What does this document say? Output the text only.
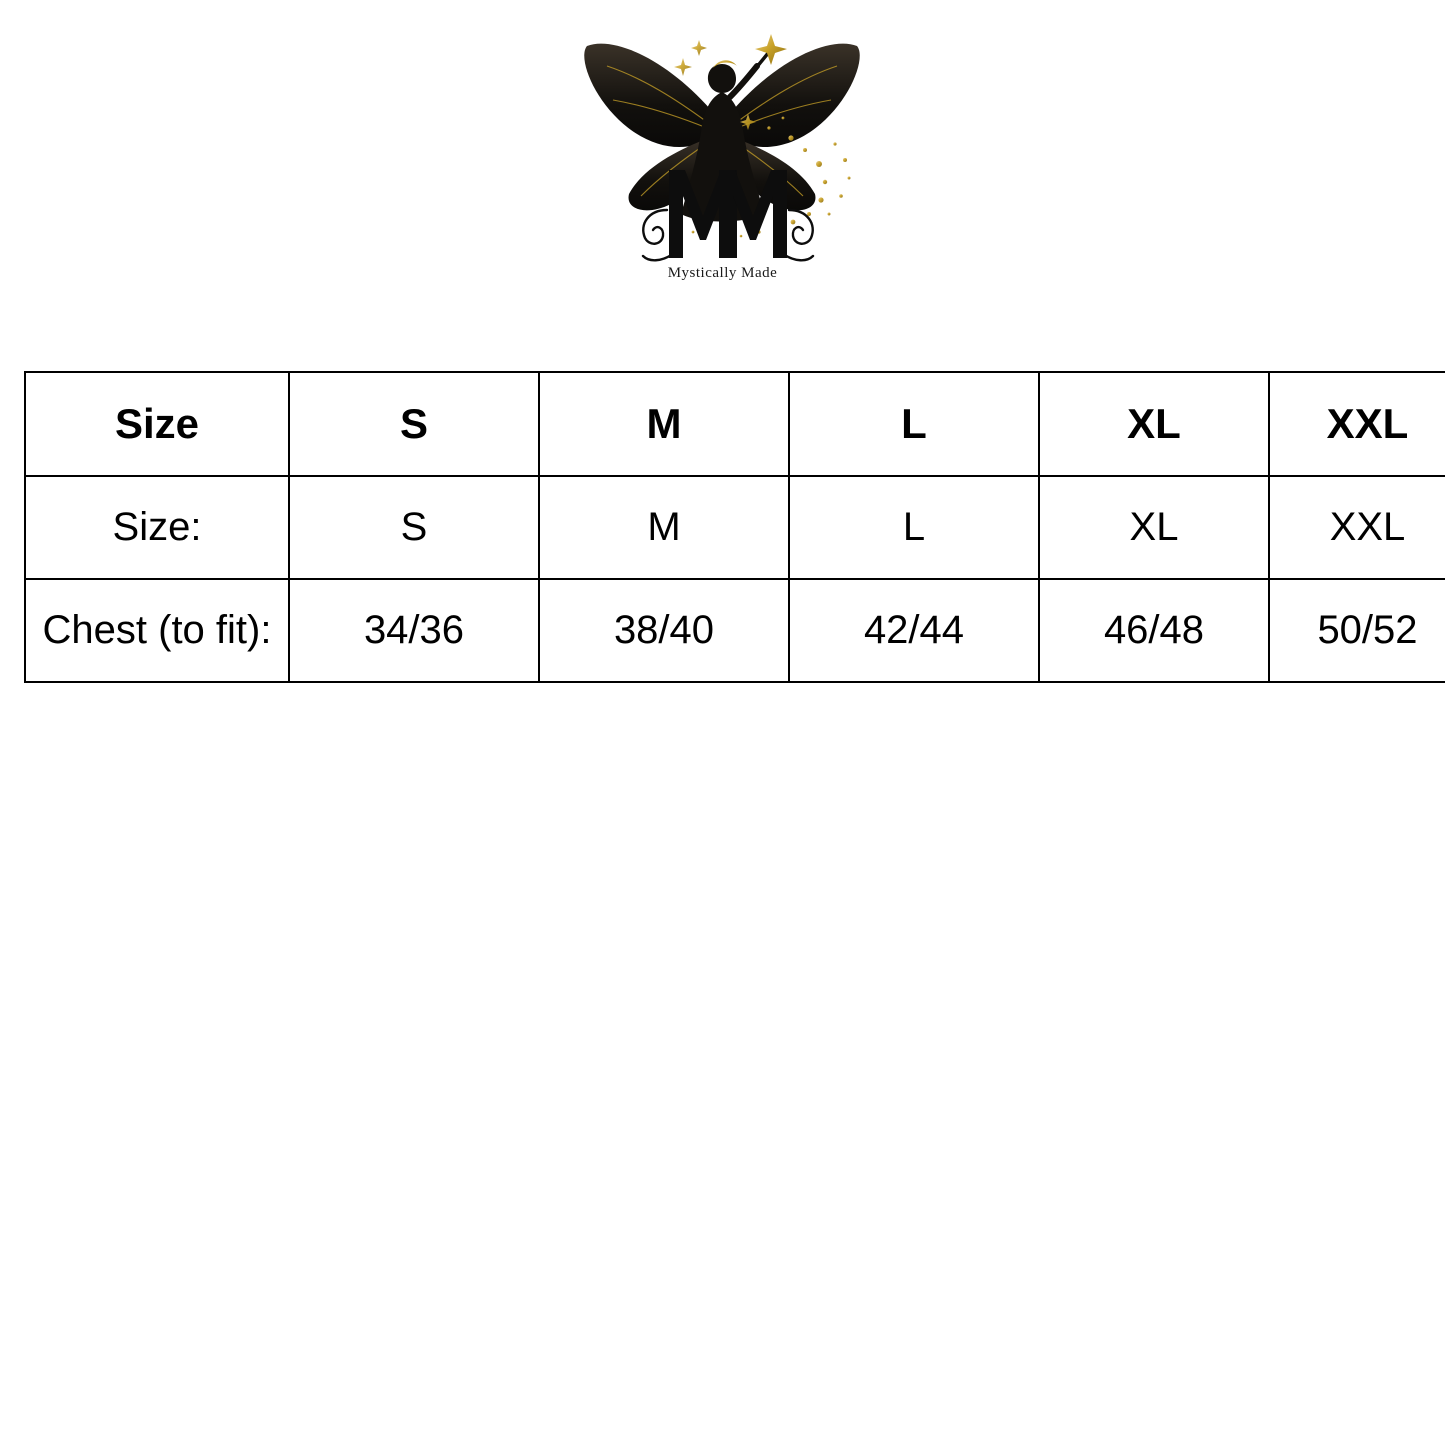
Mystically Made
Size	S	M	L	XL	XXL
Size:	S	M	L	XL	XXL
Chest (to fit):	34/36	38/40	42/44	46/48	50/52
